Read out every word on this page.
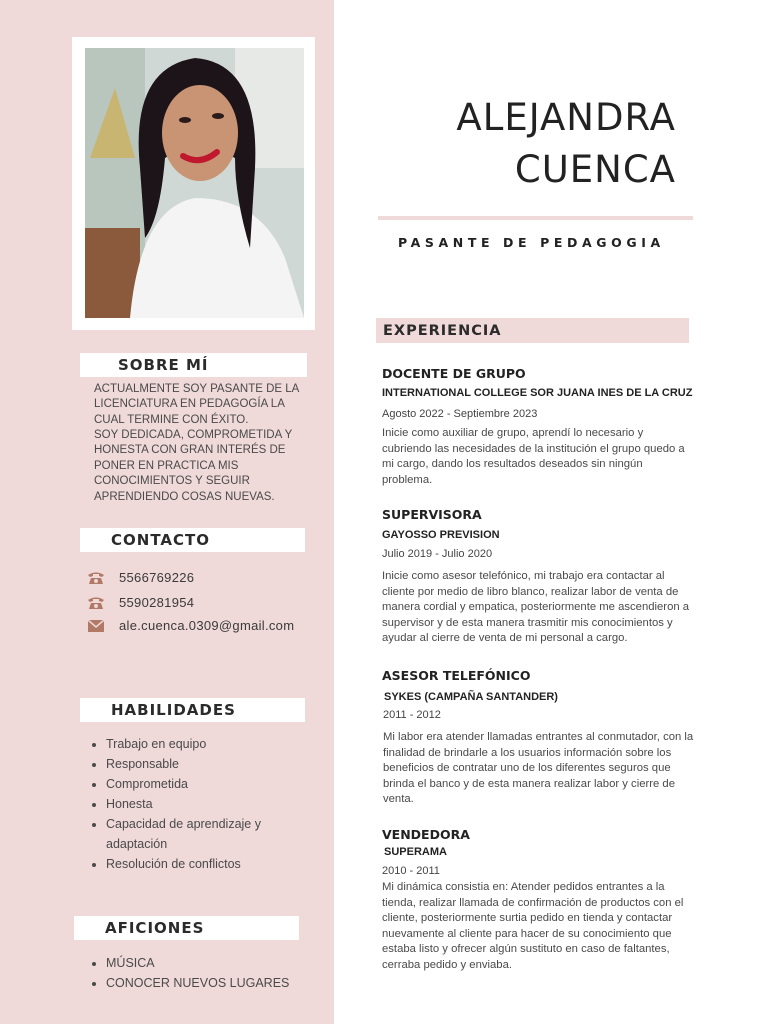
SOBRE MÍ

ACTUALMENTE SOY PASANTE DE LA LICENCIATURA EN PEDAGOGÍA LA CUAL TERMINE CON ÉXITO.

SOY DEDICADA, COMPROMETIDA Y HONESTA CON GRAN INTERÉS DE PONER EN PRACTICA MIS CONOCIMIENTOS Y SEGUIR APRENDIENDO COSAS NUEVAS.

CONTACTO
5566769226
5590281954
ale.cuenca.0309@gmail.com
HABILIDADES
• Trabajo en equipo
• Responsable
• Comprometida
• Honesta
• Capacidad de aprendizaje y adaptación
• Resolución de conflictos
AFICIONES
• MÚSICA
• CONOCER NUEVOS LUGARES
ALEJANDRA
CUENCA
PASANTE DE PEDAGOGIA
EXPERIENCIA
DOCENTE DE GRUPO
INTERNATIONAL COLLEGE SOR JUANA INES DE LA CRUZ
Agosto 2022 - Septiembre 2023

Inicie como auxiliar de grupo, aprendí lo necesario y cubriendo las necesidades de la institución el grupo quedo a mi cargo, dando los resultados deseados sin ningún problema.

SUPERVISORA
GAYOSSO PREVISION
Julio 2019 - Julio 2020

Inicie como asesor telefónico, mi trabajo era contactar al cliente por medio de libro blanco, realizar labor de venta de manera cordial y empatica, posteriormente me ascendieron a supervisor y de esta manera trasmitir mis conocimientos y ayudar al cierre de venta de mi personal a cargo.

ASESOR TELEFÓNICO
SYKES (CAMPAÑA SANTANDER)
2011 - 2012

Mi labor era atender llamadas entrantes al conmutador, con la finalidad de brindarle a los usuarios información sobre los beneficios de contratar uno de los diferentes seguros que brinda el banco y de esta manera realizar labor y cierre de venta.

VENDEDORA
SUPERAMA
2010 - 2011

Mi dinámica consistia en: Atender pedidos entrantes a la tienda, realizar llamada de confirmación de productos con el cliente, posteriormente surtia pedido en tienda y contactar nuevamente al cliente para hacer de su conocimiento que estaba listo y ofrecer algún sustituto en caso de faltantes, cerraba pedido y enviaba.
